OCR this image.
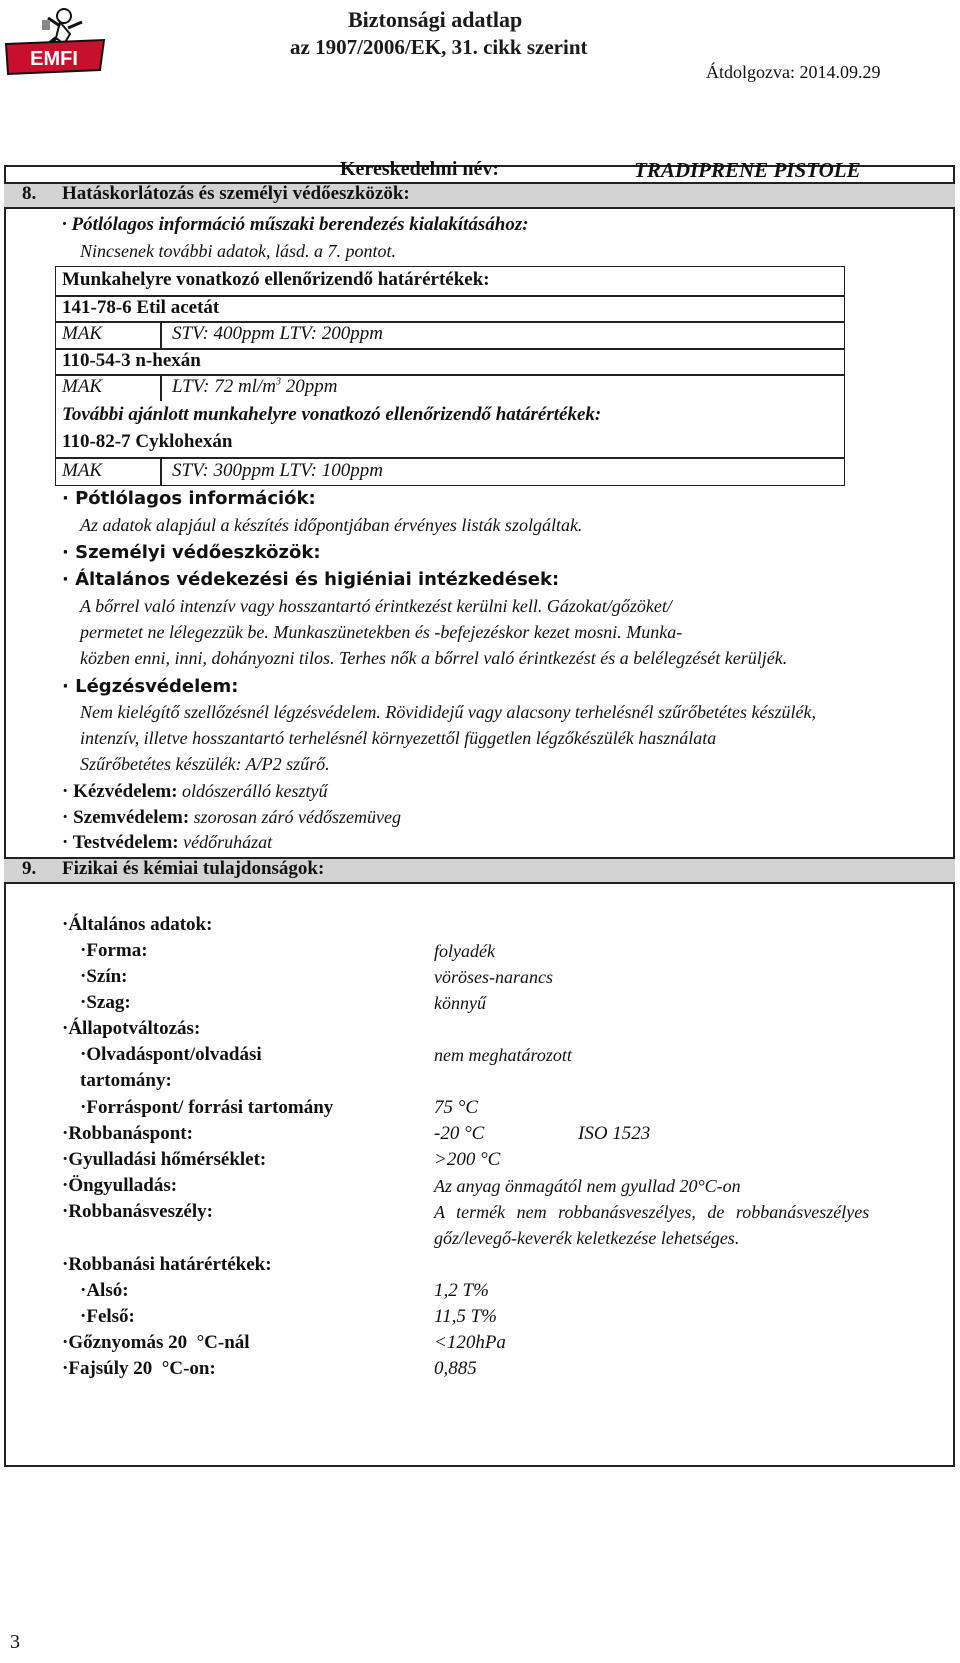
EMFI
Biztonsági adatlap
az 1907/2006/EK, 31. cikk szerint
Átdolgozva: 2014.09.29
Kereskedelmi név:	TRADIPRENE PISTOLE
8. Hatáskorlátozás és személyi védőeszközök:
· Pótlólagos információ műszaki berendezés kialakításához:
Nincsenek további adatok, lásd. a 7. pontot.
Munkahelyre vonatkozó ellenőrizendő határértékek:
141-78-6 Etil acetát
MAK	STV: 400ppm LTV: 200ppm
110-54-3 n-hexán
MAK	LTV: 72 $ml/m^3$ 20ppm
További ajánlott munkahelyre vonatkozó ellenőrizendő határértékek:
110-82-7 Cyklohexán
MAK	STV: 300ppm LTV: 100ppm
· Pótlólagos információk:
Az adatok alapjául a készítés időpontjában érvényes listák szolgáltak.
· Személyi védőeszközök:
· Általános védekezési és higiéniai intézkedések:
A bőrrel való intenzív vagy hosszantartó érintkezést kerülni kell. Gázokat/gőzöket/
permetet ne lélegezzük be. Munkaszünetekben és -befejezéskor kezet mosni. Munka-
közben enni, inni, dohányozni tilos. Terhes nők a bőrrel való érintkezést és a belélegzését kerüljék.
· Légzésvédelem:
Nem kielégítő szellőzésnél légzésvédelem. Rövididejű vagy alacsony terhelésnél szűrőbetétes készülék,
intenzív, illetve hosszantartó terhelésnél környezettől független légzőkészülék használata
Szűrőbetétes készülék: A/P2 szűrő.
· Kézvédelem: oldószerálló kesztyű
· Szemvédelem: szorosan záró védőszemüveg
· Testvédelem: védőruházat
9. Fizikai és kémiai tulajdonságok:
·Általános adatok:
·Forma:	folyadék
·Szín:	vöröses-narancs
·Szag:	könnyű
·Állapotváltozás:
·Olvadáspont/olvadási
tartomány:
nem meghatározott
·Forráspont/ forrási tartomány	75 °C
·Robbanáspont:	-20 °C	ISO 1523
·Gyulladási hőmérséklet:	>200 °C
·Öngyulladás:	Az anyag önmagától nem gyullad 20°C-on
·Robbanásveszély:	A termék nem robbanásveszélyes, de robbanásveszélyes
gőz/levegő-keverék keletkezése lehetséges.
·Robbanási határértékek:
·Alsó:	1,2 T%
·Felső:	11,5 T%
·Gőznyomás 20  °C-nál	<120hPa
·Fajsúly 20  °C-on:	0,885
3
